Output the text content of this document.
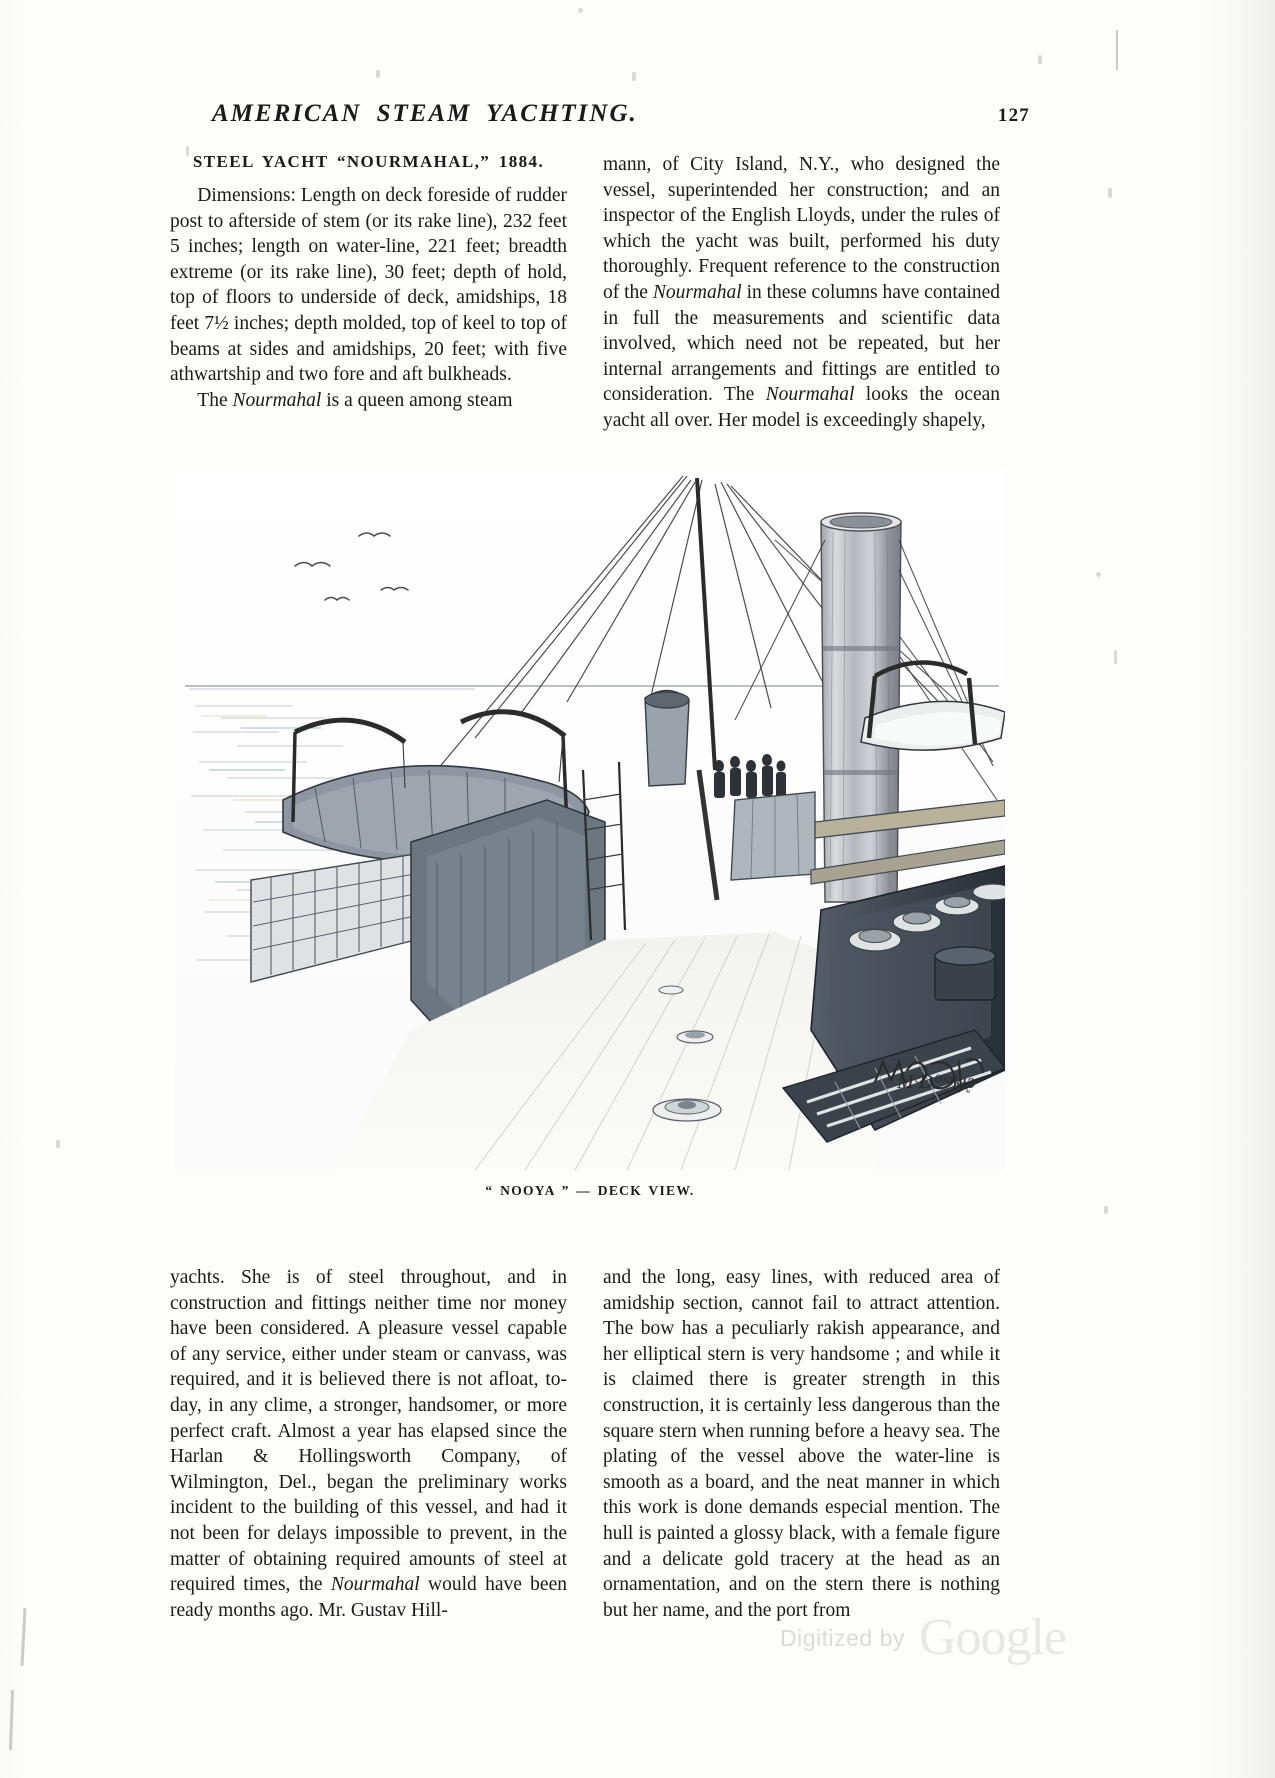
AMERICAN STEAM YACHTING.	127
STEEL YACHT “NOURMAHAL,” 1884.

Dimensions: Length on deck foreside of rudder post to afterside of stem (or its rake line), 232 feet 5 inches; length on water-line, 221 feet; breadth extreme (or its rake line), 30 feet; depth of hold, top of floors to underside of deck, amidships, 18 feet 7½ inches; depth molded, top of keel to top of beams at sides and amidships, 20 feet; with five athwartship and two fore and aft bulkheads.

The Nourmahal is a queen among steam

mann, of City Island, N.Y., who designed the vessel, superintended her construction; and an inspector of the English Lloyds, under the rules of which the yacht was built, performed his duty thoroughly. Frequent reference to the construction of the Nourmahal in these columns have contained in full the measurements and scientific data involved, which need not be repeated, but her internal arrangements and fittings are entitled to consideration. The Nourmahal looks the ocean yacht all over. Her model is exceedingly shapely,

MᶜDᶿᶿᶛᶄᵼᶔ
“ NOOYA ” — DECK VIEW.

yachts. She is of steel throughout, and in construction and fittings neither time nor money have been considered. A pleasure vessel capable of any service, either under steam or canvass, was required, and it is believed there is not afloat, to-day, in any clime, a stronger, handsomer, or more perfect craft. Almost a year has elapsed since the Harlan & Hollingsworth Company, of Wilmington, Del., began the preliminary works incident to the building of this vessel, and had it not been for delays impossible to prevent, in the matter of obtaining required amounts of steel at required times, the Nourmahal would have been ready months ago. Mr. Gustav Hill-

and the long, easy lines, with reduced area of amidship section, cannot fail to attract attention. The bow has a peculiarly rakish appearance, and her elliptical stern is very handsome ; and while it is claimed there is greater strength in this construction, it is certainly less dangerous than the square stern when running before a heavy sea. The plating of the vessel above the water-line is smooth as a board, and the neat manner in which this work is done demands especial mention. The hull is painted a glossy black, with a female figure and a delicate gold tracery at the head as an ornamentation, and on the stern there is nothing but her name, and the port from

Digitized by Google
